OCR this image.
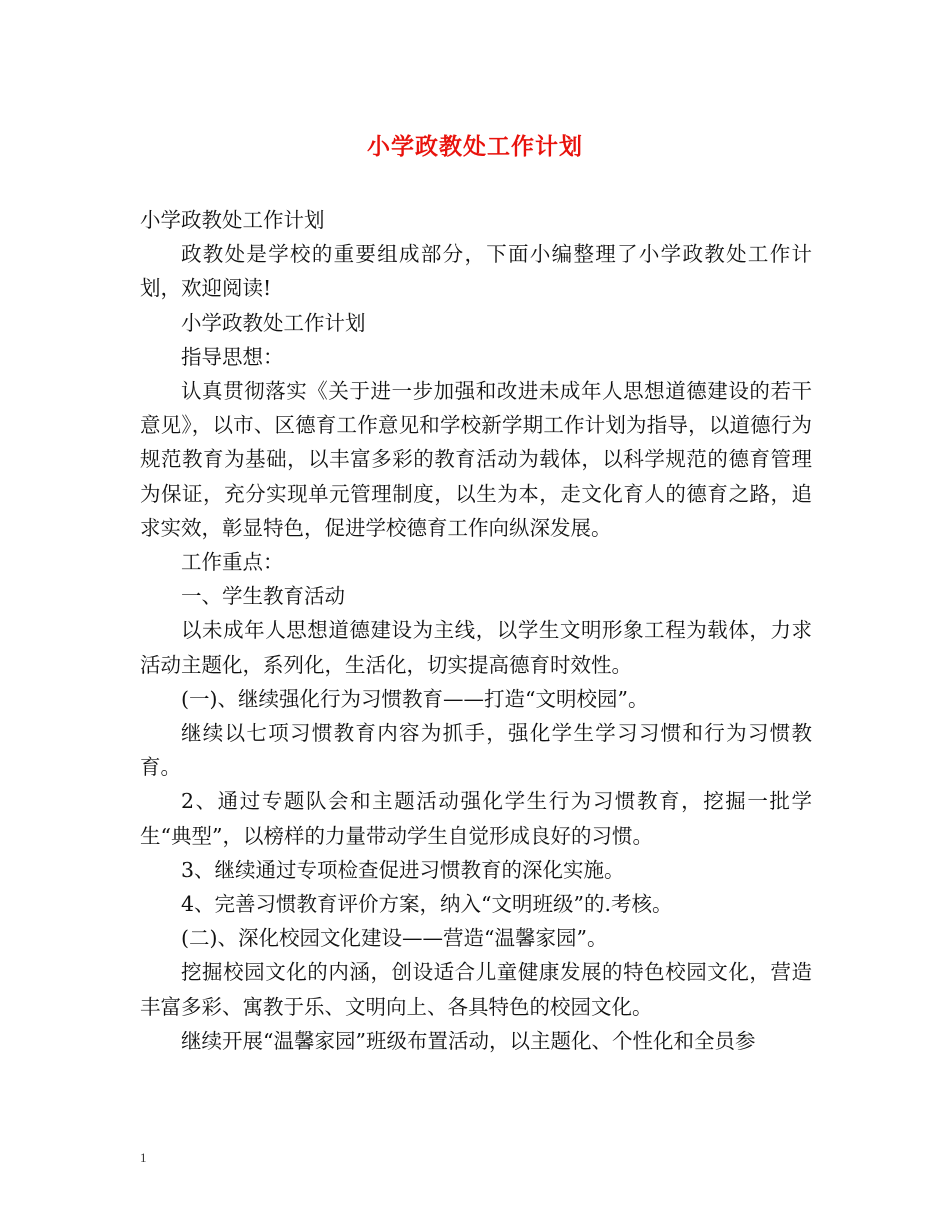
小学政教处工作计划

小学政教处工作计划

政教处是学校的重要组成部分，下面小编整理了小学政教处工作计划，欢迎阅读!

小学政教处工作计划

指导思想：

认真贯彻落实《关于进一步加强和改进未成年人思想道德建设的若干意见》，以市、区德育工作意见和学校新学期工作计划为指导，以道德行为规范教育为基础，以丰富多彩的教育活动为载体，以科学规范的德育管理为保证，充分实现单元管理制度，以生为本，走文化育人的德育之路，追求实效，彰显特色，促进学校德育工作向纵深发展。

工作重点：

一、学生教育活动

以未成年人思想道德建设为主线，以学生文明形象工程为载体，力求活动主题化，系列化，生活化，切实提高德育时效性。

(一)、继续强化行为习惯教育——打造“文明校园”。

继续以七项习惯教育内容为抓手，强化学生学习习惯和行为习惯教育。

2、通过专题队会和主题活动强化学生行为习惯教育，挖掘一批学生“典型”，以榜样的力量带动学生自觉形成良好的习惯。

3、继续通过专项检查促进习惯教育的深化实施。

4、完善习惯教育评价方案，纳入“文明班级”的.考核。

(二)、深化校园文化建设——营造“温馨家园”。

挖掘校园文化的内涵，创设适合儿童健康发展的特色校园文化，营造丰富多彩、寓教于乐、文明向上、各具特色的校园文化。

继续开展“温馨家园”班级布置活动，以主题化、个性化和全员参

1
